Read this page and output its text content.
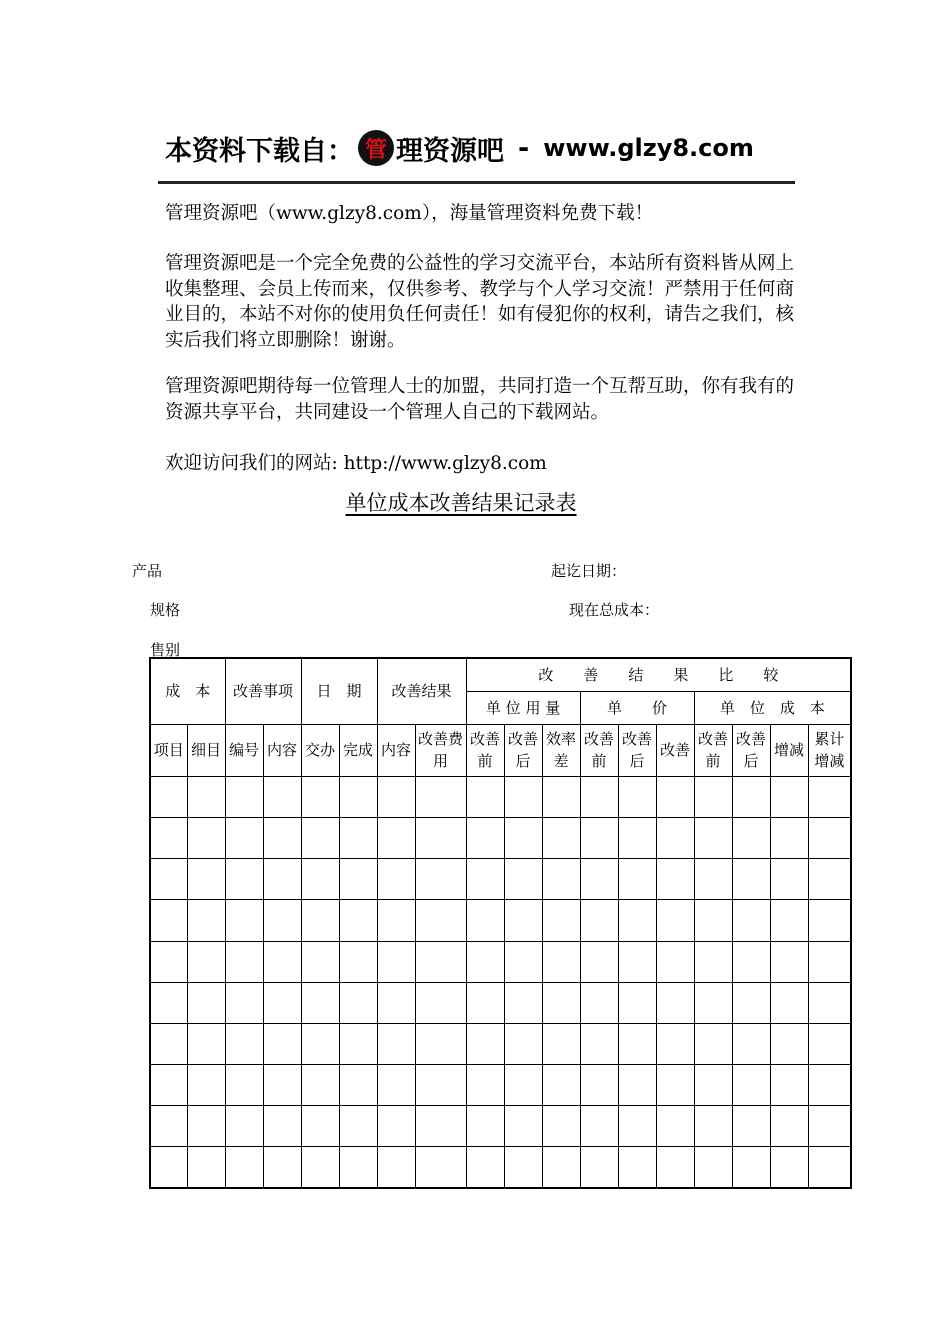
本资料下载自： 管 理资源吧 - www.glzy8.com
管理资源吧（www.glzy8.com），海量管理资料免费下载！
管理资源吧是一个完全免费的公益性的学习交流平台，本站所有资料皆从网上收集整理、会员上传而来，仅供参考、教学与个人学习交流！严禁用于任何商业目的，本站不对你的使用负任何责任！如有侵犯你的权利，请告之我们，核实后我们将立即删除！谢谢。
管理资源吧期待每一位管理人士的加盟，共同打造一个互帮互助，你有我有的资源共享平台，共同建设一个管理人自己的下载网站。
欢迎访问我们的网站: http://www.glzy8.com
单位成本改善结果记录表
产品
规格
售别
起讫日期：
现在总成本：
成　本		改善事项		日　期		改善结果		改　　善　　结　　果　　比　　较									
								单 位 用 量			单　　价			单　位　成　本			
项目	细目	编号	内容	交办	完成	内容	改善费用	改善前	改善后	效率差	改善前	改善后	改善	改善前	改善后	增减	累计增减
